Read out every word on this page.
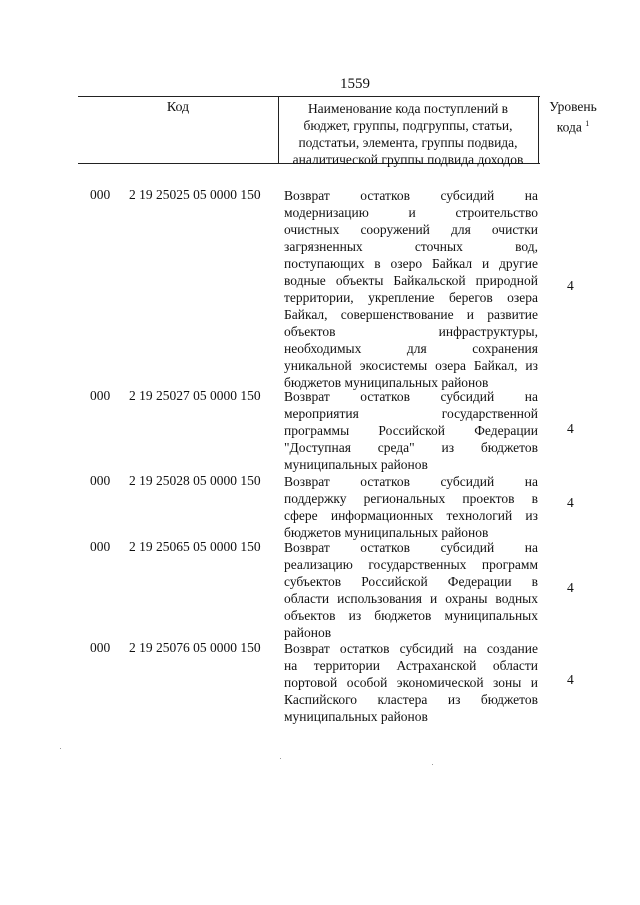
1559
Код	Наименование кода поступлений в
бюджет, группы, подгруппы, статьи,
подстатьи, элемента, группы подвида,
аналитической группы подвида доходов
Уровень
кода $^1$
000 2 19 25025 05 0000 150 Возврат остатков субсидий на
модернизацию и строительство
очистных сооружений для очистки
загрязненных сточных вод,
поступающих в озеро Байкал и другие
водные объекты Байкальской природной
территории, укрепление берегов озера
Байкал, совершенствование и развитие
объектов инфраструктуры,
необходимых для сохранения
уникальной экосистемы озера Байкал, из
бюджетов муниципальных районов
4
000 2 19 25027 05 0000 150 Возврат остатков субсидий на
мероприятия государственной
программы Российской Федерации
"Доступная среда" из бюджетов
муниципальных районов
4
000 2 19 25028 05 0000 150 Возврат остатков субсидий на
поддержку региональных проектов в
сфере информационных технологий из
бюджетов муниципальных районов
4
000 2 19 25065 05 0000 150 Возврат остатков субсидий на
реализацию государственных программ
субъектов Российской Федерации в
области использования и охраны водных
объектов из бюджетов муниципальных
районов
4
000 2 19 25076 05 0000 150 Возврат остатков субсидий на создание
на территории Астраханской области
портовой особой экономической зоны и
Каспийского кластера из бюджетов
муниципальных районов
4
